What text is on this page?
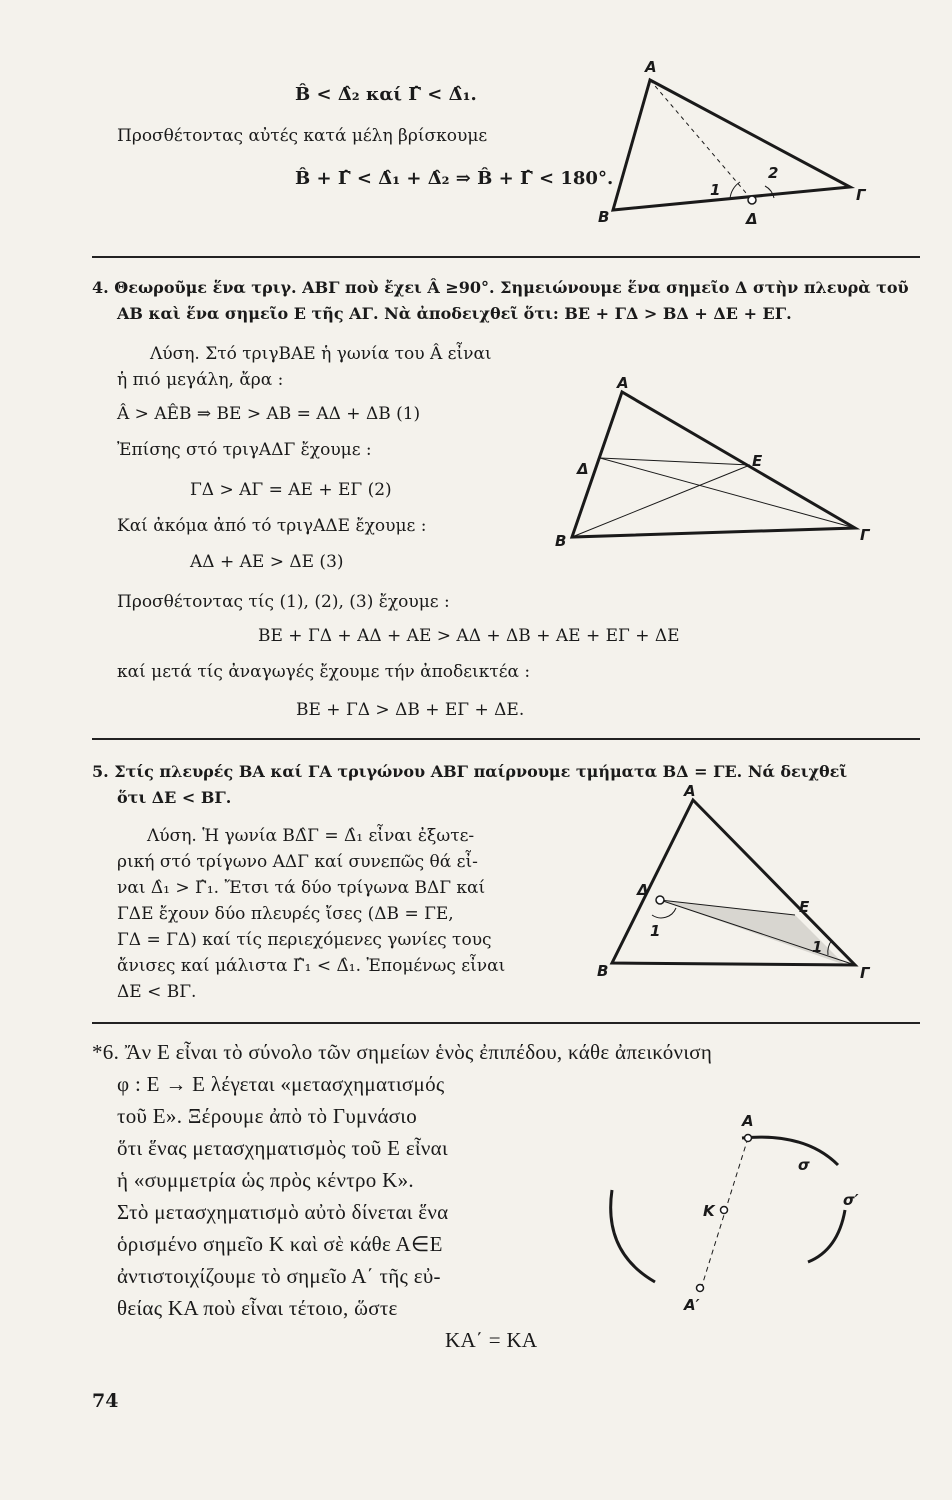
B̂ < Δ̂₂ καί Γ̂ < Δ̂₁.
Προσθέτοντας αὐτές κατά μέλη βρίσκουμε
B̂ + Γ̂ < Δ̂₁ + Δ̂₂ ⇒ B̂ + Γ̂ < 180°.
A
B
Γ
Δ
1
2
4. Θεωροῦμε ἕνα τριγ. ΑΒΓ ποὺ ἔχει Â ≥90°. Σημειώνουμε ἕνα σημεῖο Δ στὴν πλευρὰ τοῦ
ΑΒ καὶ ἕνα σημεῖο Ε τῆς ΑΓ. Νὰ ἀποδειχθεῖ ὅτι: ΒΕ + ΓΔ > ΒΔ + ΔΕ + ΕΓ.
Λύση. Στό τριγΒΑΕ ἡ γωνία του Â εἶναι
ἡ πιό μεγάλη, ἄρα :
Â > AÊB ⇒ BE > AB = AΔ + ΔB (1)
Ἐπίσης στό τριγΑΔΓ ἔχουμε :
ΓΔ > AΓ = AE + EΓ (2)
Καί ἀκόμα ἀπό τό τριγΑΔΕ ἔχουμε :
AΔ + AE > ΔE (3)
Προσθέτοντας τίς (1), (2), (3) ἔχουμε :
BE + ΓΔ + AΔ + AE > AΔ + ΔB + AE + EΓ + ΔE
καί μετά τίς ἀναγωγές ἔχουμε τήν ἀποδεικτέα :
BE + ΓΔ > ΔB + EΓ + ΔE.
A
B	Γ
Δ	E
5. Στίς πλευρές ΒΑ καί ΓΑ τριγώνου ΑΒΓ παίρνουμε τμήματα ΒΔ = ΓΕ. Νά δειχθεῖ
ὅτι ΔΕ < ΒΓ.
Λύση. Ἡ γωνία BΔ̂Γ = Δ̂₁ εἶναι ἐξωτε-
ρική στό τρίγωνο ΑΔΓ καί συνεπῶς θά εἶ-
ναι Δ̂₁ > Γ̂₁. Ἔτσι τά δύο τρίγωνα ΒΔΓ καί
ΓΔΕ ἔχουν δύο πλευρές ἴσες (ΔΒ = ΓΕ,
ΓΔ = ΓΔ) καί τίς περιεχόμενες γωνίες τους
ἄνισες καί μάλιστα Γ̂₁ < Δ̂₁. Ἐπομένως εἶναι
ΔΕ < ΒΓ.
A
B	Γ
Δ
E
1
1
*6. Ἄν Ε εἶναι τὸ σύνολο τῶν σημείων ἑνὸς ἐπιπέδου, κάθε ἀπεικόνιση
φ : Ε → Ε λέγεται «μετασχηματισμός
τοῦ Ε». Ξέρουμε ἀπὸ τὸ Γυμνάσιο
ὅτι ἕνας μετασχηματισμὸς τοῦ Ε εἶναι
ἡ «συμμετρία ὡς πρὸς κέντρο Κ».
Στὸ μετασχηματισμὸ αὐτὸ δίνεται ἕνα
ὁρισμένο σημεῖο Κ καὶ σὲ κάθε Α∈Ε
ἀντιστοιχίζουμε τὸ σημεῖο Α΄ τῆς εὐ-
θείας ΚΑ ποὺ εἶναι τέτοιο, ὥστε
ΚΑ΄ = ΚΑ
A
K
A′
σ
σ′
74
